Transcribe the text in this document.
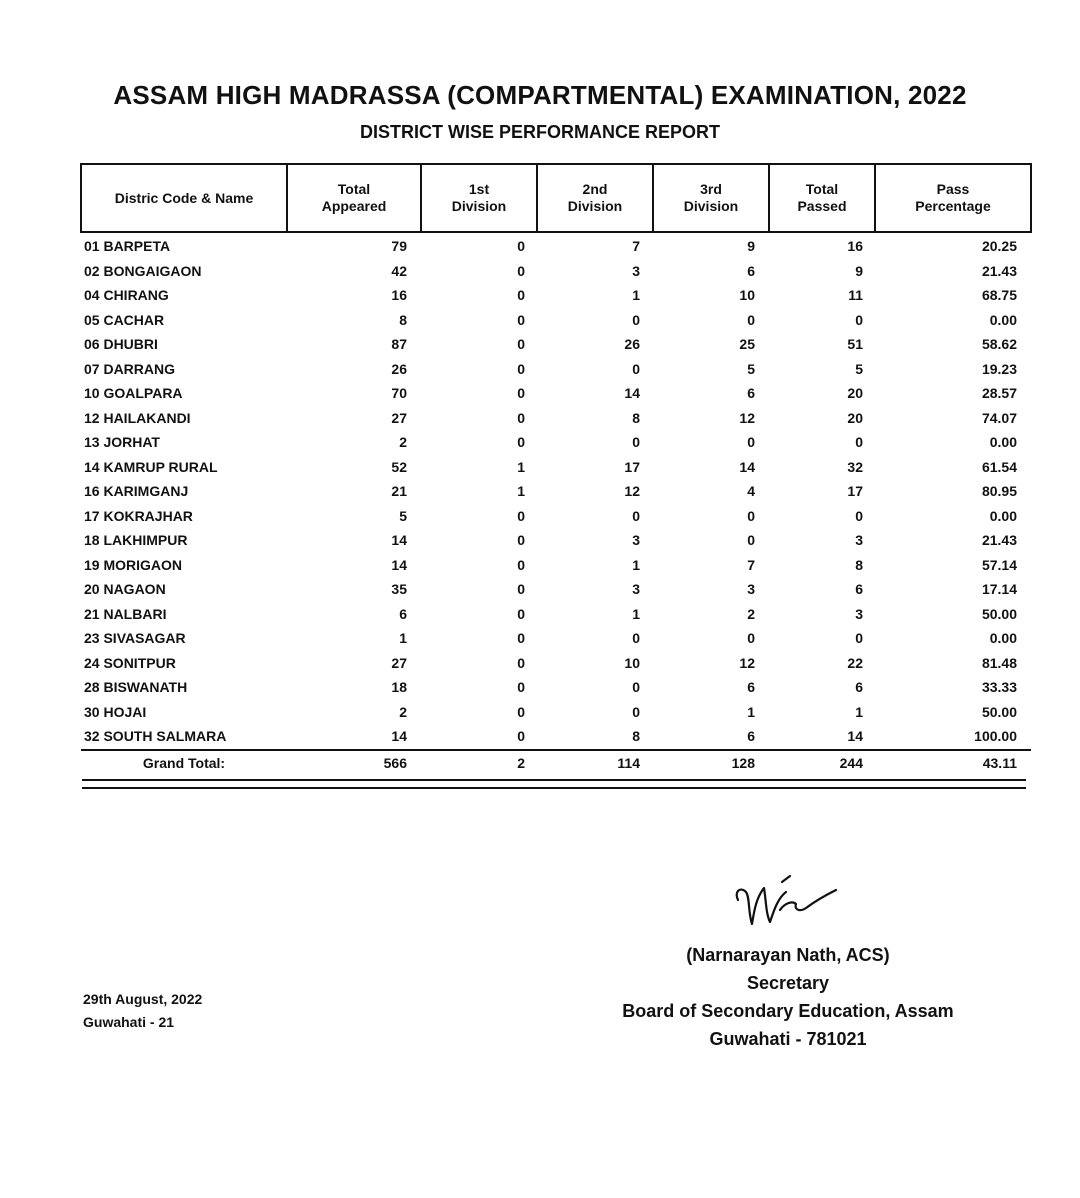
ASSAM HIGH MADRASSA (COMPARTMENTAL) EXAMINATION, 2022
DISTRICT WISE PERFORMANCE REPORT
Distric Code & Name	Total Appeared	1st Division	2nd Division	3rd Division	Total Passed	Pass Percentage
01 BARPETA	79	0	7	9	16	20.25
02 BONGAIGAON	42	0	3	6	9	21.43
04 CHIRANG	16	0	1	10	11	68.75
05 CACHAR	8	0	0	0	0	0.00
06 DHUBRI	87	0	26	25	51	58.62
07 DARRANG	26	0	0	5	5	19.23
10 GOALPARA	70	0	14	6	20	28.57
12 HAILAKANDI	27	0	8	12	20	74.07
13 JORHAT	2	0	0	0	0	0.00
14 KAMRUP RURAL	52	1	17	14	32	61.54
16 KARIMGANJ	21	1	12	4	17	80.95
17 KOKRAJHAR	5	0	0	0	0	0.00
18 LAKHIMPUR	14	0	3	0	3	21.43
19 MORIGAON	14	0	1	7	8	57.14
20 NAGAON	35	0	3	3	6	17.14
21 NALBARI	6	0	1	2	3	50.00
23 SIVASAGAR	1	0	0	0	0	0.00
24 SONITPUR	27	0	10	12	22	81.48
28 BISWANATH	18	0	0	6	6	33.33
30 HOJAI	2	0	0	1	1	50.00
32 SOUTH SALMARA	14	0	8	6	14	100.00
Grand Total:	566	2	114	128	244	43.11
29th August, 2022
Guwahati - 21
(Narnarayan Nath, ACS)
Secretary
Board of Secondary Education, Assam
Guwahati - 781021
